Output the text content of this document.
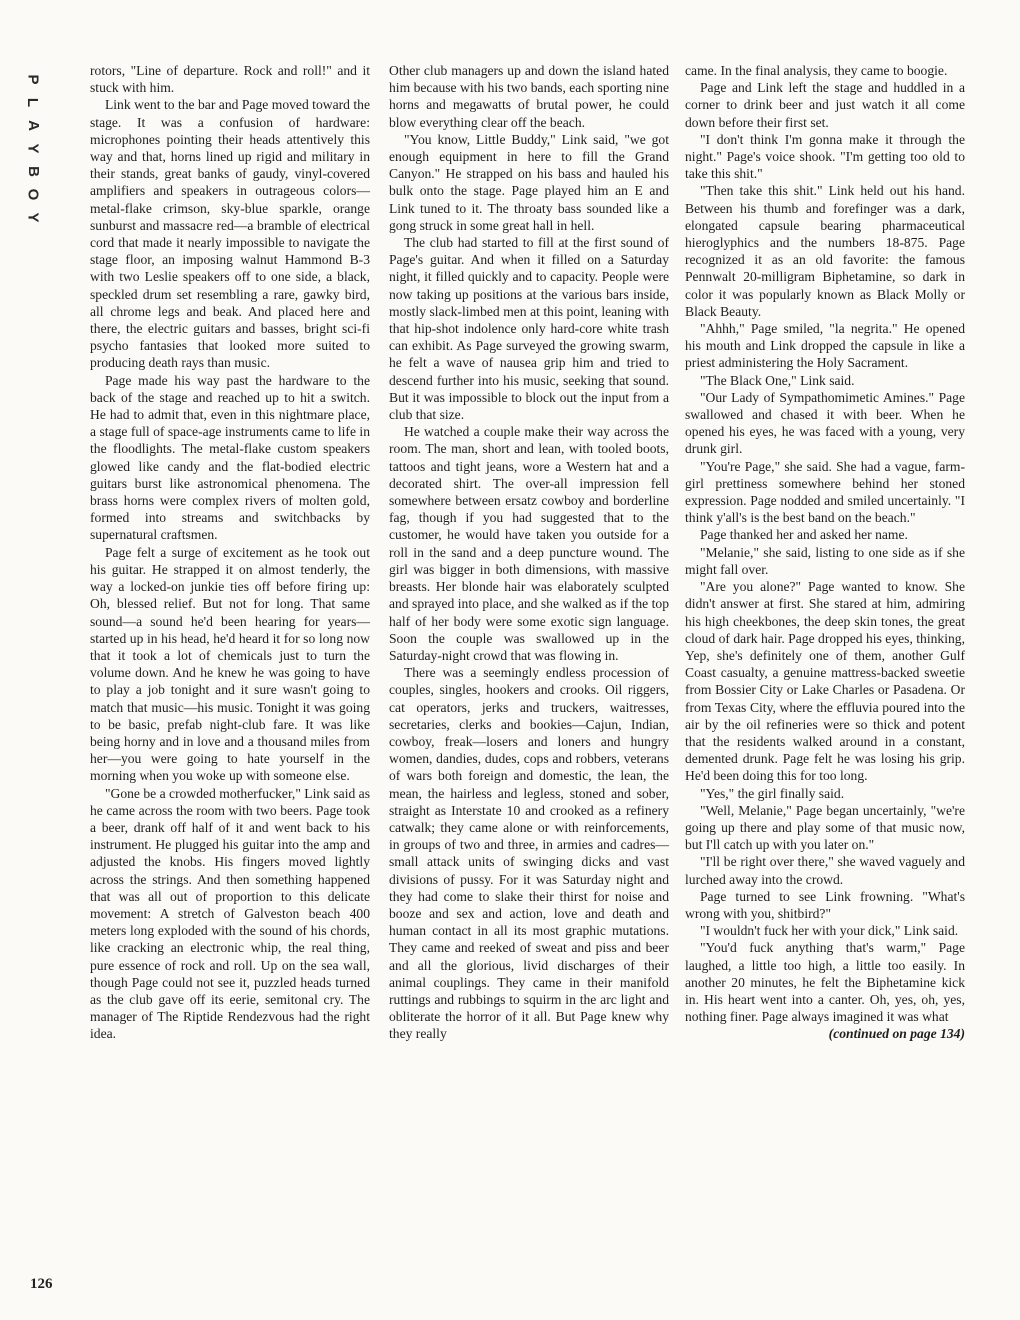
P
L
A
Y
B
O
Y
126

rotors, "Line of departure. Rock and roll!" and it stuck with him.

Link went to the bar and Page moved toward the stage. It was a confusion of hardware: microphones pointing their heads attentively this way and that, horns lined up rigid and military in their stands, great banks of gaudy, vinyl-covered amplifiers and speakers in outrageous colors—metal-flake crimson, sky-blue sparkle, orange sunburst and massacre red—a bramble of electrical cord that made it nearly impossible to navigate the stage floor, an imposing walnut Hammond B-3 with two Leslie speakers off to one side, a black, speckled drum set resembling a rare, gawky bird, all chrome legs and beak. And placed here and there, the electric guitars and basses, bright sci-fi psycho fantasies that looked more suited to producing death rays than music.

Page made his way past the hardware to the back of the stage and reached up to hit a switch. He had to admit that, even in this nightmare place, a stage full of space-age instruments came to life in the floodlights. The metal-flake custom speakers glowed like candy and the flat-bodied electric guitars burst like astronomical phenomena. The brass horns were complex rivers of molten gold, formed into streams and switchbacks by supernatural craftsmen.

Page felt a surge of excitement as he took out his guitar. He strapped it on almost tenderly, the way a locked-on junkie ties off before firing up: Oh, blessed relief. But not for long. That same sound—a sound he'd been hearing for years—started up in his head, he'd heard it for so long now that it took a lot of chemicals just to turn the volume down. And he knew he was going to have to play a job tonight and it sure wasn't going to match that music—his music. Tonight it was going to be basic, prefab night-club fare. It was like being horny and in love and a thousand miles from her—you were going to hate yourself in the morning when you woke up with someone else.

"Gone be a crowded motherfucker," Link said as he came across the room with two beers. Page took a beer, drank off half of it and went back to his instrument. He plugged his guitar into the amp and adjusted the knobs. His fingers moved lightly across the strings. And then something happened that was all out of proportion to this delicate movement: A stretch of Galveston beach 400 meters long exploded with the sound of his chords, like cracking an electronic whip, the real thing, pure essence of rock and roll. Up on the sea wall, though Page could not see it, puzzled heads turned as the club gave off its eerie, semitonal cry. The manager of The Riptide Rendezvous had the right idea.

Other club managers up and down the island hated him because with his two bands, each sporting nine horns and megawatts of brutal power, he could blow everything clear off the beach.

"You know, Little Buddy," Link said, "we got enough equipment in here to fill the Grand Canyon." He strapped on his bass and hauled his bulk onto the stage. Page played him an E and Link tuned to it. The throaty bass sounded like a gong struck in some great hall in hell.

The club had started to fill at the first sound of Page's guitar. And when it filled on a Saturday night, it filled quickly and to capacity. People were now taking up positions at the various bars inside, mostly slack-limbed men at this point, leaning with that hip-shot indolence only hard-core white trash can exhibit. As Page surveyed the growing swarm, he felt a wave of nausea grip him and tried to descend further into his music, seeking that sound. But it was impossible to block out the input from a club that size.

He watched a couple make their way across the room. The man, short and lean, with tooled boots, tattoos and tight jeans, wore a Western hat and a decorated shirt. The over-all impression fell somewhere between ersatz cowboy and borderline fag, though if you had suggested that to the customer, he would have taken you outside for a roll in the sand and a deep puncture wound. The girl was bigger in both dimensions, with massive breasts. Her blonde hair was elaborately sculpted and sprayed into place, and she walked as if the top half of her body were some exotic sign language. Soon the couple was swallowed up in the Saturday-night crowd that was flowing in.

There was a seemingly endless procession of couples, singles, hookers and crooks. Oil riggers, cat operators, jerks and truckers, waitresses, secretaries, clerks and bookies—Cajun, Indian, cowboy, freak—losers and loners and hungry women, dandies, dudes, cops and robbers, veterans of wars both foreign and domestic, the lean, the mean, the hairless and legless, stoned and sober, straight as Interstate 10 and crooked as a refinery catwalk; they came alone or with reinforcements, in groups of two and three, in armies and cadres—small attack units of swinging dicks and vast divisions of pussy. For it was Saturday night and they had come to slake their thirst for noise and booze and sex and action, love and death and human contact in all its most graphic mutations. They came and reeked of sweat and piss and beer and all the glorious, livid discharges of their animal couplings. They came in their manifold ruttings and rubbings to squirm in the arc light and obliterate the horror of it all. But Page knew why they really

came. In the final analysis, they came to boogie.

Page and Link left the stage and huddled in a corner to drink beer and just watch it all come down before their first set.

"I don't think I'm gonna make it through the night." Page's voice shook. "I'm getting too old to take this shit."

"Then take this shit." Link held out his hand. Between his thumb and forefinger was a dark, elongated capsule bearing pharmaceutical hieroglyphics and the numbers 18-875. Page recognized it as an old favorite: the famous Pennwalt 20-milligram Biphetamine, so dark in color it was popularly known as Black Molly or Black Beauty.

"Ahhh," Page smiled, "la negrita." He opened his mouth and Link dropped the capsule in like a priest administering the Holy Sacrament.

"The Black One," Link said.

"Our Lady of Sympathomimetic Amines." Page swallowed and chased it with beer. When he opened his eyes, he was faced with a young, very drunk girl.

"You're Page," she said. She had a vague, farm-girl prettiness somewhere behind her stoned expression. Page nodded and smiled uncertainly. "I think y'all's is the best band on the beach."

Page thanked her and asked her name.

"Melanie," she said, listing to one side as if she might fall over.

"Are you alone?" Page wanted to know. She didn't answer at first. She stared at him, admiring his high cheekbones, the deep skin tones, the great cloud of dark hair. Page dropped his eyes, thinking, Yep, she's definitely one of them, another Gulf Coast casualty, a genuine mattress-backed sweetie from Bossier City or Lake Charles or Pasadena. Or from Texas City, where the effluvia poured into the air by the oil refineries were so thick and potent that the residents walked around in a constant, demented drunk. Page felt he was losing his grip. He'd been doing this for too long.

"Yes," the girl finally said.

"Well, Melanie," Page began uncertainly, "we're going up there and play some of that music now, but I'll catch up with you later on."

"I'll be right over there," she waved vaguely and lurched away into the crowd.

Page turned to see Link frowning. "What's wrong with you, shitbird?"

"I wouldn't fuck her with your dick," Link said.

"You'd fuck anything that's warm," Page laughed, a little too high, a little too easily. In another 20 minutes, he felt the Biphetamine kick in. His heart went into a canter. Oh, yes, oh, yes, nothing finer. Page always imagined it was what

(continued on page 134)
